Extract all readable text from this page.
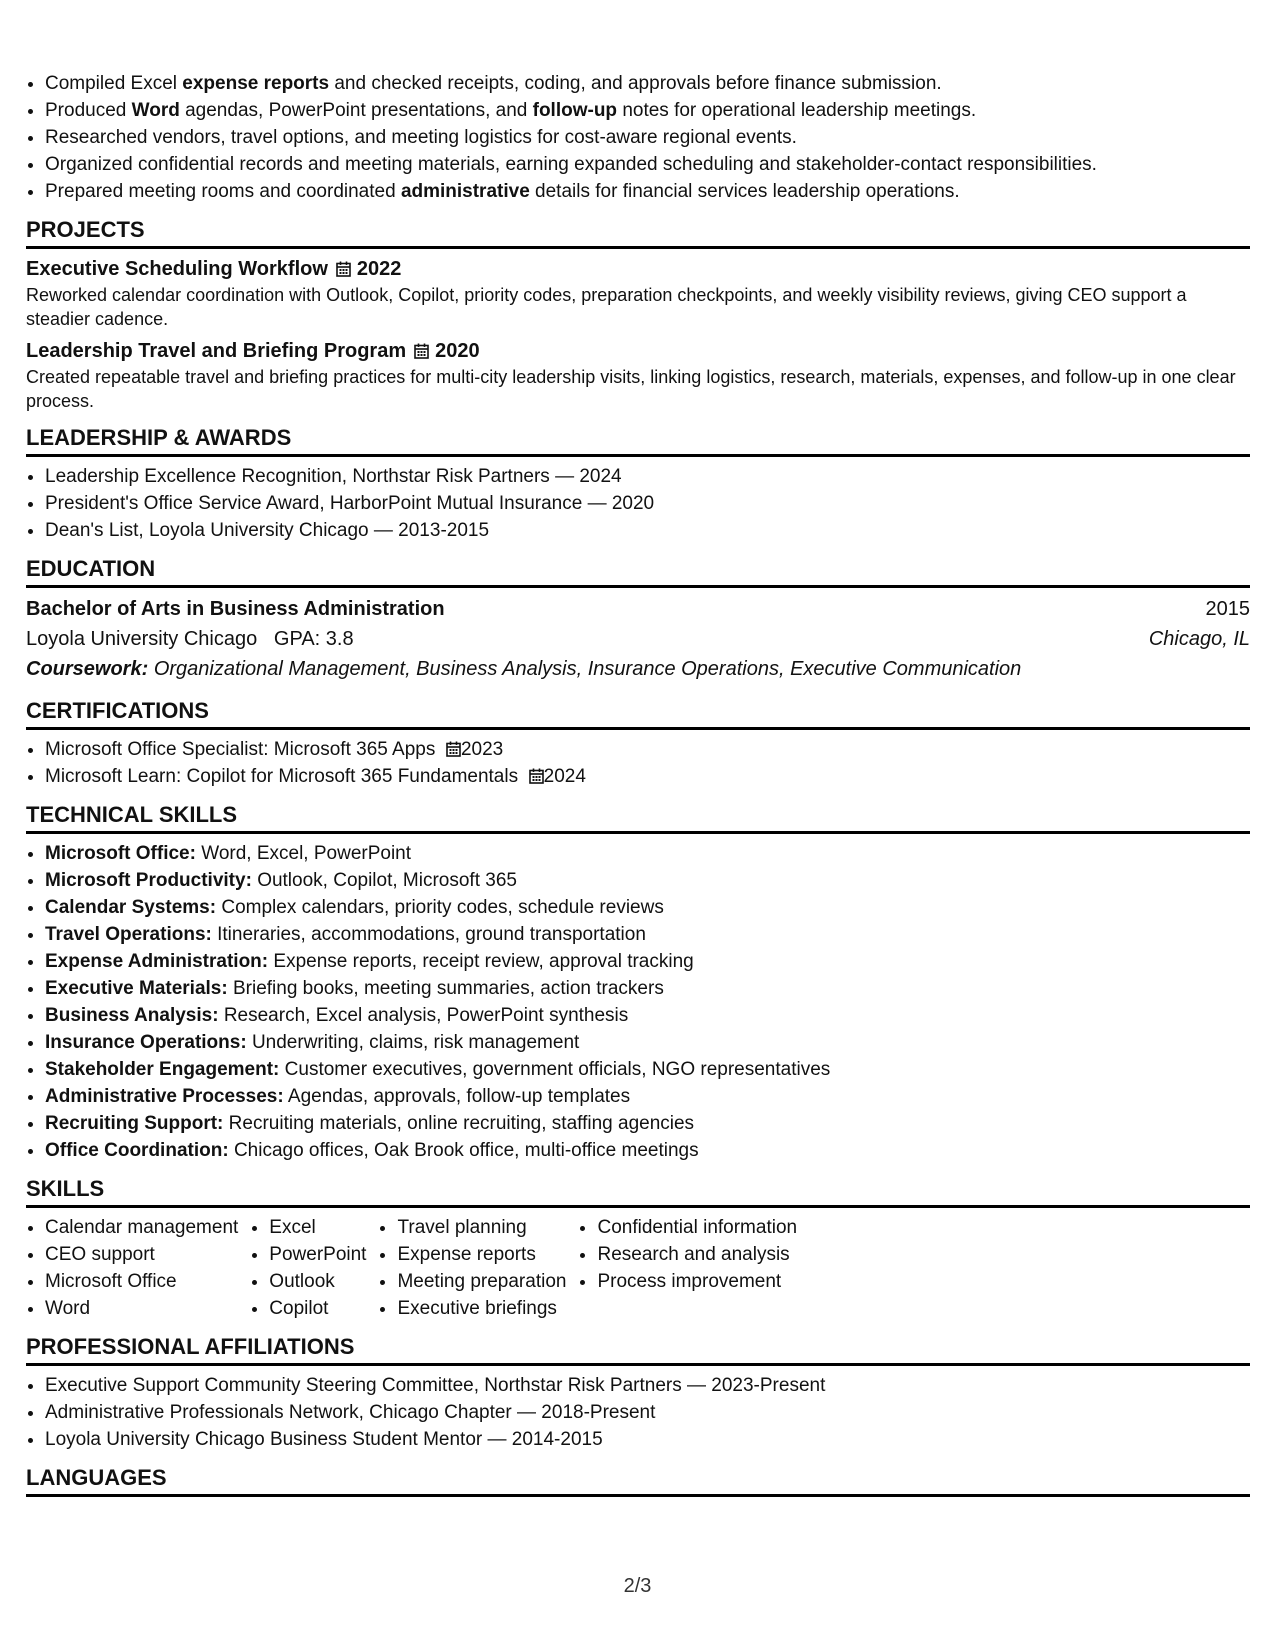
• Compiled Excel expense reports and checked receipts, coding, and approvals before finance submission.
• Produced Word agendas, PowerPoint presentations, and follow-up notes for operational leadership meetings.
• Researched vendors, travel options, and meeting logistics for cost-aware regional events.
• Organized confidential records and meeting materials, earning expanded scheduling and stakeholder-contact responsibilities.
• Prepared meeting rooms and coordinated administrative details for financial services leadership operations.
PROJECTS
Executive Scheduling Workflow 2022
Reworked calendar coordination with Outlook, Copilot, priority codes, preparation checkpoints, and weekly visibility reviews, giving CEO support a steadier cadence.
Leadership Travel and Briefing Program 2020
Created repeatable travel and briefing practices for multi-city leadership visits, linking logistics, research, materials, expenses, and follow-up in one clear process.
LEADERSHIP & AWARDS
• Leadership Excellence Recognition, Northstar Risk Partners — 2024
• President's Office Service Award, HarborPoint Mutual Insurance — 2020
• Dean's List, Loyola University Chicago — 2013-2015
EDUCATION
Bachelor of Arts in Business Administration	2015
Loyola University Chicago GPA: 3.8	Chicago, IL
Coursework: Organizational Management, Business Analysis, Insurance Operations, Executive Communication
CERTIFICATIONS
• Microsoft Office Specialist: Microsoft 365 Apps 2023
• Microsoft Learn: Copilot for Microsoft 365 Fundamentals 2024
TECHNICAL SKILLS
• Microsoft Office: Word, Excel, PowerPoint
• Microsoft Productivity: Outlook, Copilot, Microsoft 365
• Calendar Systems: Complex calendars, priority codes, schedule reviews
• Travel Operations: Itineraries, accommodations, ground transportation
• Expense Administration: Expense reports, receipt review, approval tracking
• Executive Materials: Briefing books, meeting summaries, action trackers
• Business Analysis: Research, Excel analysis, PowerPoint synthesis
• Insurance Operations: Underwriting, claims, risk management
• Stakeholder Engagement: Customer executives, government officials, NGO representatives
• Administrative Processes: Agendas, approvals, follow-up templates
• Recruiting Support: Recruiting materials, online recruiting, staffing agencies
• Office Coordination: Chicago offices, Oak Brook office, multi-office meetings
SKILLS
• Calendar management
• CEO support
• Microsoft Office
• Word
• Excel
• PowerPoint
• Outlook
• Copilot
• Travel planning
• Expense reports
• Meeting preparation
• Executive briefings
• Confidential information
• Research and analysis
• Process improvement
PROFESSIONAL AFFILIATIONS
• Executive Support Community Steering Committee, Northstar Risk Partners — 2023-Present
• Administrative Professionals Network, Chicago Chapter — 2018-Present
• Loyola University Chicago Business Student Mentor — 2014-2015
LANGUAGES
2/3
